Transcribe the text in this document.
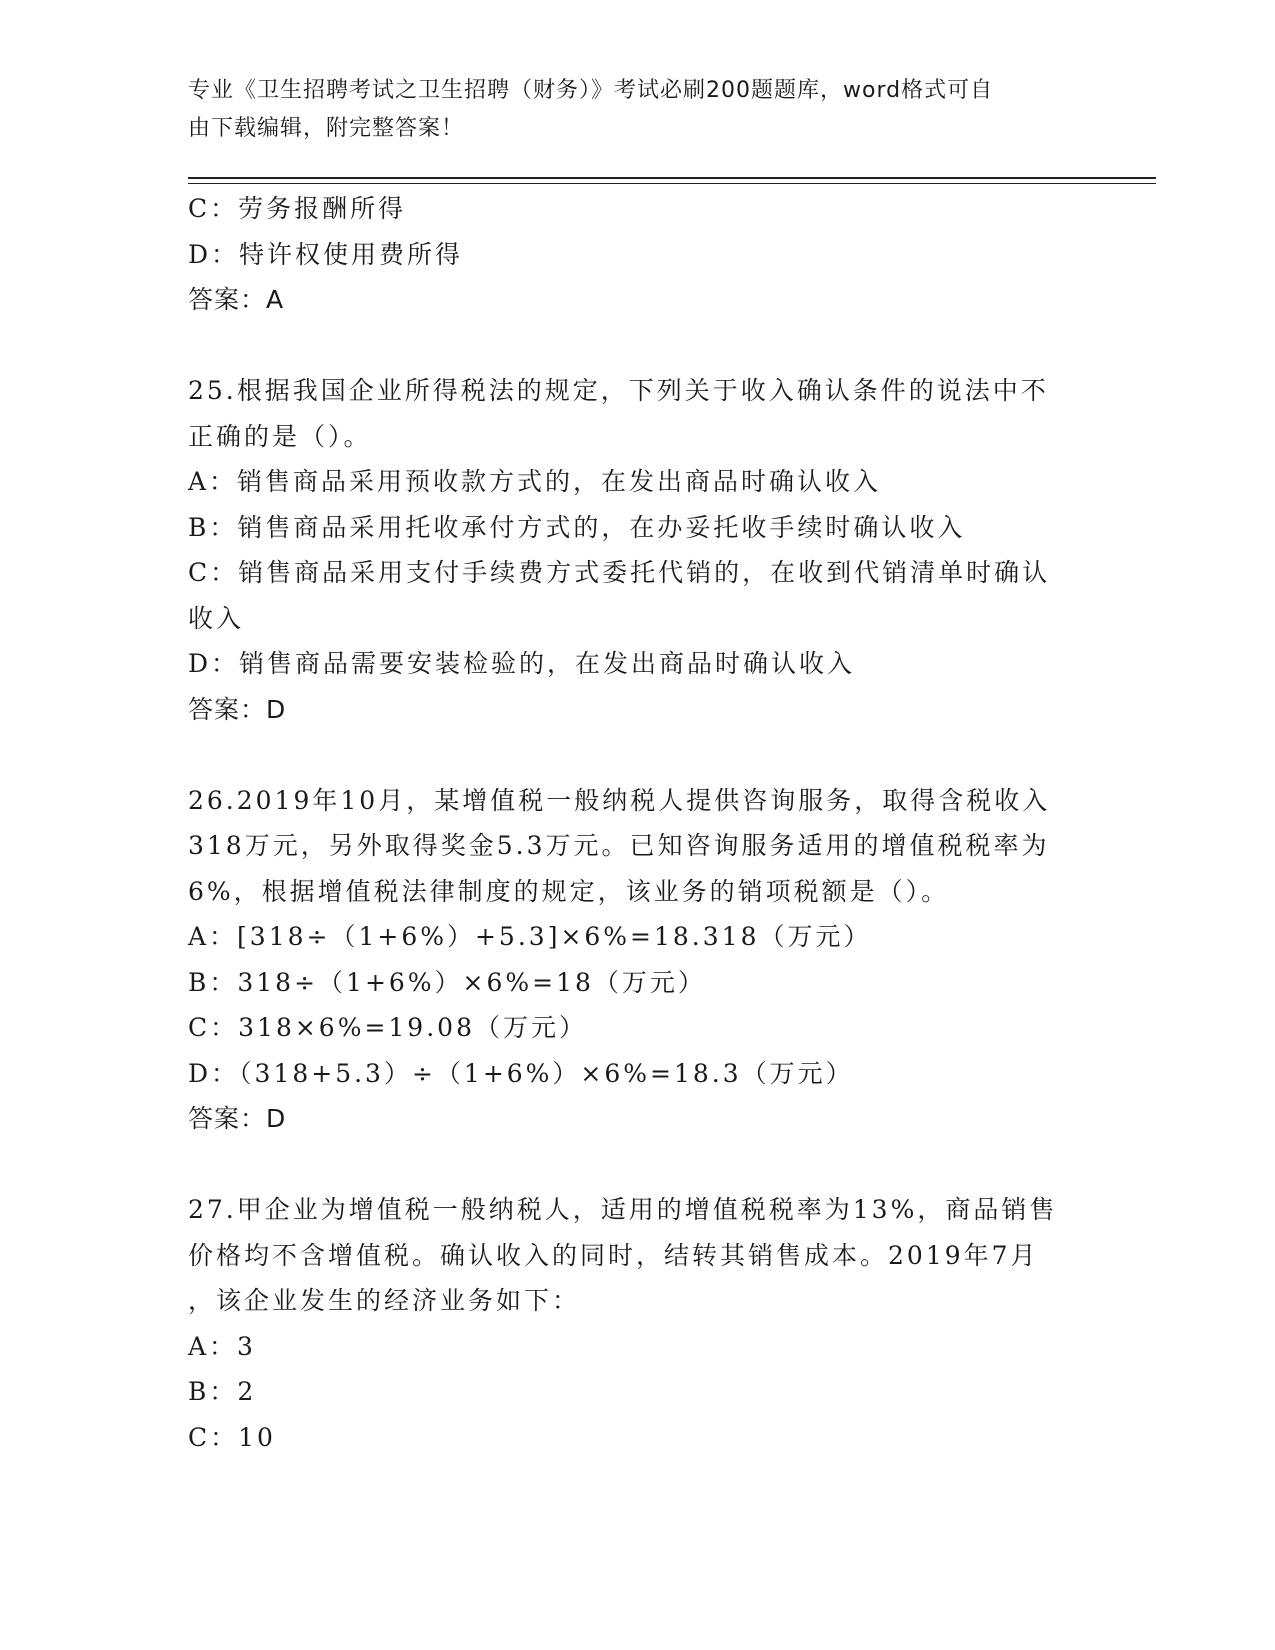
专业《卫生招聘考试之卫生招聘（财务）》考试必刷200题题库，word格式可自
由下载编辑，附完整答案！
C：劳务报酬所得
D：特许权使用费所得
答案：A
25.根据我国企业所得税法的规定，下列关于收入确认条件的说法中不
正确的是（）。
A：销售商品采用预收款方式的，在发出商品时确认收入
B：销售商品采用托收承付方式的，在办妥托收手续时确认收入
C：销售商品采用支付手续费方式委托代销的，在收到代销清单时确认
收入
D：销售商品需要安装检验的，在发出商品时确认收入
答案：D
26.2019年10月，某增值税一般纳税人提供咨询服务，取得含税收入
318万元，另外取得奖金5.3万元。已知咨询服务适用的增值税税率为
6%，根据增值税法律制度的规定，该业务的销项税额是（）。
A：[318÷（1+6%）+5.3]×6%=18.318（万元）
B：318÷（1+6%）×6%=18（万元）
C：318×6%=19.08（万元）
D：（318+5.3）÷（1+6%）×6%=18.3（万元）
答案：D
27.甲企业为增值税一般纳税人，适用的增值税税率为13%，商品销售
价格均不含增值税。确认收入的同时，结转其销售成本。2019年7月
，该企业发生的经济业务如下：
A：3
B：2
C：10
